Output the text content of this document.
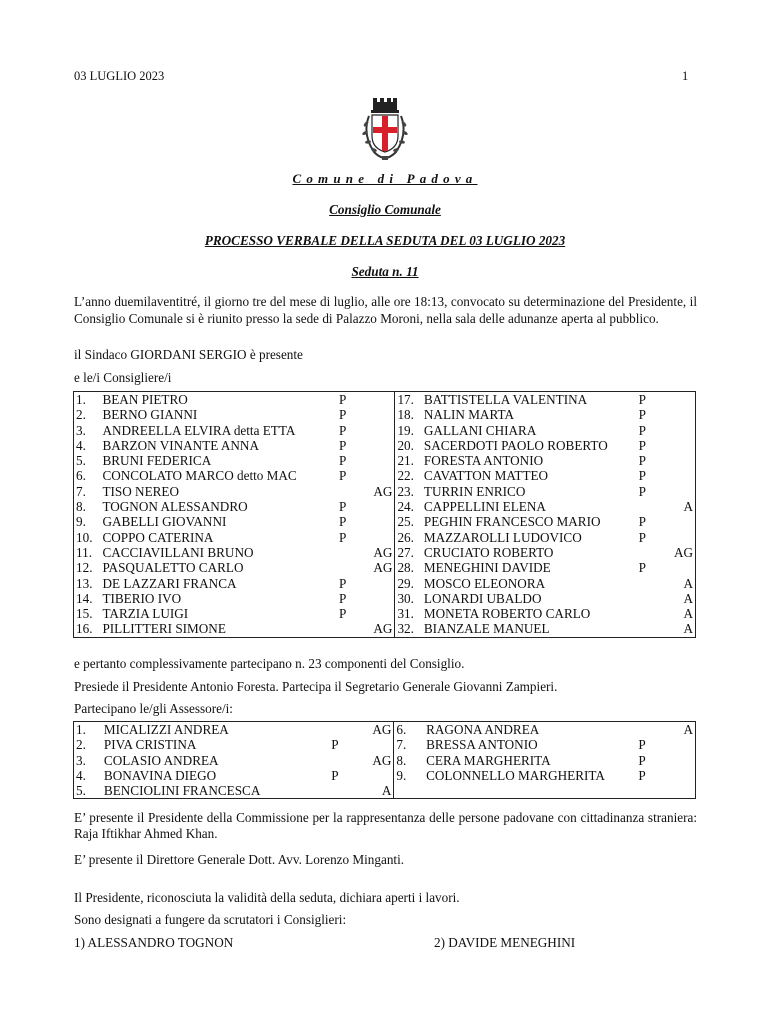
03 LUGLIO 2023	1
Comune di Padova
Consiglio Comunale
PROCESSO VERBALE DELLA SEDUTA DEL 03 LUGLIO 2023
Seduta n. 11
L’anno duemilaventitré, il giorno tre del mese di luglio, alle ore 18:13, convocato su determinazione del Presidente, il Consiglio Comunale si è riunito presso la sede di Palazzo Moroni, nella sala delle adunanze aperta al pubblico.
il Sindaco GIORDANI SERGIO è presente
e le/i Consigliere/i
1.	BEAN PIETRO	P		17.	BATTISTELLA VALENTINA	P	
2.	BERNO GIANNI	P		18.	NALIN MARTA	P	
3.	ANDREELLA ELVIRA detta ETTA	P		19.	GALLANI CHIARA	P	
4.	BARZON VINANTE ANNA	P		20.	SACERDOTI PAOLO ROBERTO	P	
5.	BRUNI FEDERICA	P		21.	FORESTA ANTONIO	P	
6.	CONCOLATO MARCO detto MAC	P		22.	CAVATTON MATTEO	P	
7.	TISO NEREO		AG	23.	TURRIN ENRICO	P	
8.	TOGNON ALESSANDRO	P		24.	CAPPELLINI ELENA		A
9.	GABELLI GIOVANNI	P		25.	PEGHIN FRANCESCO MARIO	P	
10.	COPPO CATERINA	P		26.	MAZZAROLLI LUDOVICO	P	
11.	CACCIAVILLANI BRUNO		AG	27.	CRUCIATO ROBERTO		AG
12.	PASQUALETTO CARLO		AG	28.	MENEGHINI DAVIDE	P	
13.	DE LAZZARI FRANCA	P		29.	MOSCO ELEONORA		A
14.	TIBERIO IVO	P		30.	LONARDI UBALDO		A
15.	TARZIA LUIGI	P		31.	MONETA ROBERTO CARLO		A
16.	PILLITTERI SIMONE		AG	32.	BIANZALE MANUEL		A
e pertanto complessivamente partecipano n. 23 componenti del Consiglio.
Presiede il Presidente Antonio Foresta. Partecipa il Segretario Generale Giovanni Zampieri.
Partecipano le/gli Assessore/i:
1.	MICALIZZI ANDREA		AG	6.	RAGONA ANDREA		A
2.	PIVA CRISTINA	P		7.	BRESSA ANTONIO	P	
3.	COLASIO ANDREA		AG	8.	CERA MARGHERITA	P	
4.	BONAVINA DIEGO	P		9.	COLONNELLO MARGHERITA	P	
5.	BENCIOLINI FRANCESCA		A				
E’ presente il Presidente della Commissione per la rappresentanza delle persone padovane con cittadinanza straniera: Raja Iftikhar Ahmed Khan.
E’ presente il Direttore Generale Dott. Avv. Lorenzo Minganti.
Il Presidente, riconosciuta la validità della seduta, dichiara aperti i lavori.
Sono designati a fungere da scrutatori i Consiglieri:
1) ALESSANDRO TOGNON	2) DAVIDE MENEGHINI
